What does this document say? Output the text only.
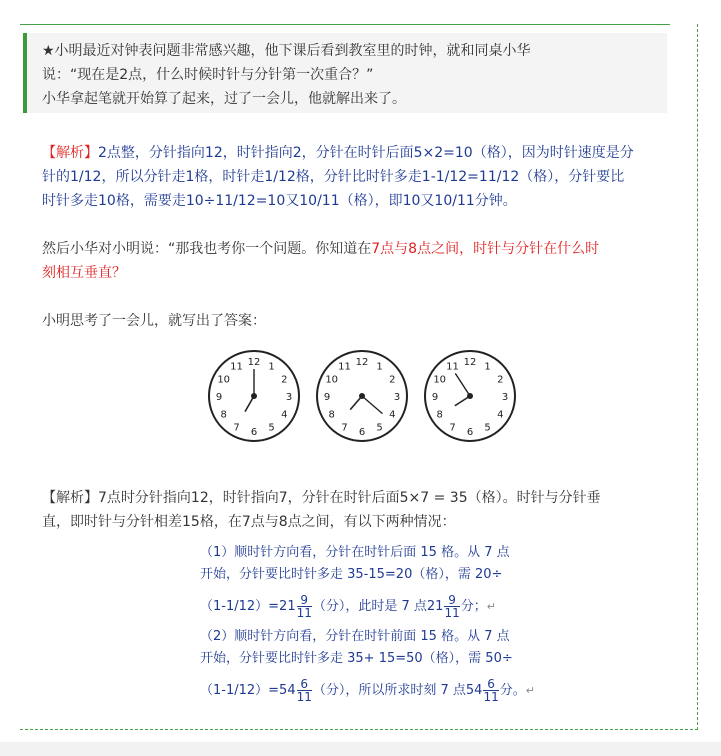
★小明最近对钟表问题非常感兴趣，他下课后看到教室里的时钟，就和同桌小华

说：“现在是2点，什么时候时针与分针第一次重合？”

小华拿起笔就开始算了起来，过了一会儿，他就解出来了。

【解析】2点整，分针指向12，时针指向2，分针在时针后面5×2=10（格），因为时针速度是分
针的1/12，所以分针走1格，时针走1/12格，分针比时针多走1-1/12=11/12（格），分针要比
时针多走10格，需要走10÷11/12=10又10/11（格），即10又10/11分钟。
然后小华对小明说：“那我也考你一个问题。你知道在7点与8点之间，时针与分针在什么时
刻相互垂直？
小明思考了一会儿，就写出了答案：
12 1
2
3
4
5
6
7
8
9
10
11	12 1
2
3
4
5
6
7
8
9
10
11	12 1
2
3
4
5
6
7
8
9
10
11
【解析】7点时分针指向12，时针指向7，分针在时针后面5×7 = 35（格）。时针与分针垂
直，即时针与分针相差15格，在7点与8点之间，有以下两种情况：
（1）顺时针方向看，分针在时针后面 15 格。从 7 点
开始，分针要比时针多走 35-15=20（格），需 20÷
$(1-1/12)=21 \frac{9}{11}$ （分），此时是 7 点$21 \frac{9}{11}$ 分；↵
（2）顺时针方向看，分针在时针前面 15 格。从 7 点
开始，分针要比时针多走 35+ 15=50（格），需 50÷
$(1-1/12)=54 \frac{6}{11}$ （分），所以所求时刻 7 点$54 \frac{6}{11}$ 分。↵
